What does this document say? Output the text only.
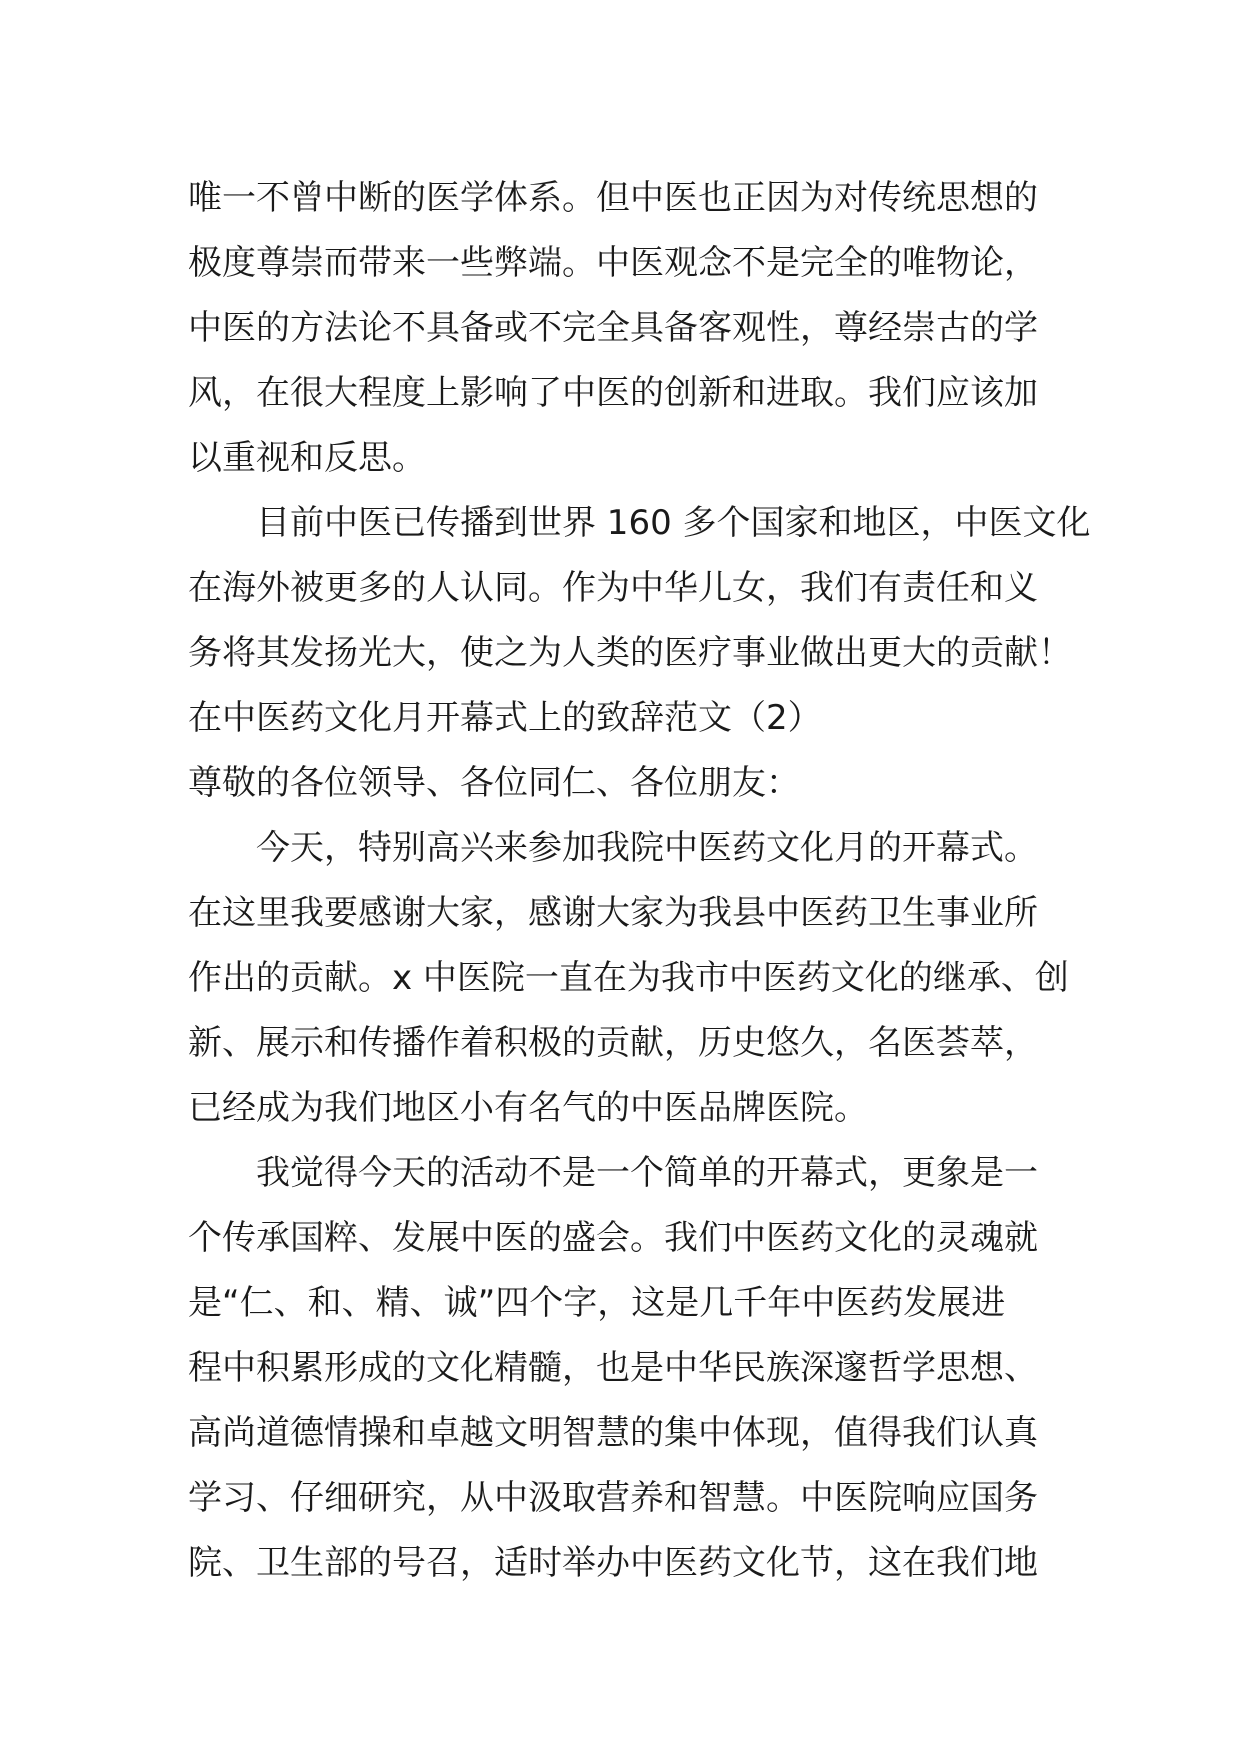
唯一不曾中断的医学体系。但中医也正因为对传统思想的
极度尊崇而带来一些弊端。中医观念不是完全的唯物论，
中医的方法论不具备或不完全具备客观性，尊经崇古的学
风，在很大程度上影响了中医的创新和进取。我们应该加
以重视和反思。
目前中医已传播到世界 160 多个国家和地区，中医文化
在海外被更多的人认同。作为中华儿女，我们有责任和义
务将其发扬光大，使之为人类的医疗事业做出更大的贡献！
在中医药文化月开幕式上的致辞范文（2）
尊敬的各位领导、各位同仁、各位朋友：
今天，特别高兴来参加我院中医药文化月的开幕式。
在这里我要感谢大家，感谢大家为我县中医药卫生事业所
作出的贡献。x 中医院一直在为我市中医药文化的继承、创
新、展示和传播作着积极的贡献，历史悠久，名医荟萃，
已经成为我们地区小有名气的中医品牌医院。
我觉得今天的活动不是一个简单的开幕式，更象是一
个传承国粹、发展中医的盛会。我们中医药文化的灵魂就
是“仁、和、精、诚”四个字，这是几千年中医药发展进
程中积累形成的文化精髓，也是中华民族深邃哲学思想、
高尚道德情操和卓越文明智慧的集中体现，值得我们认真
学习、仔细研究，从中汲取营养和智慧。中医院响应国务
院、卫生部的号召，适时举办中医药文化节，这在我们地
